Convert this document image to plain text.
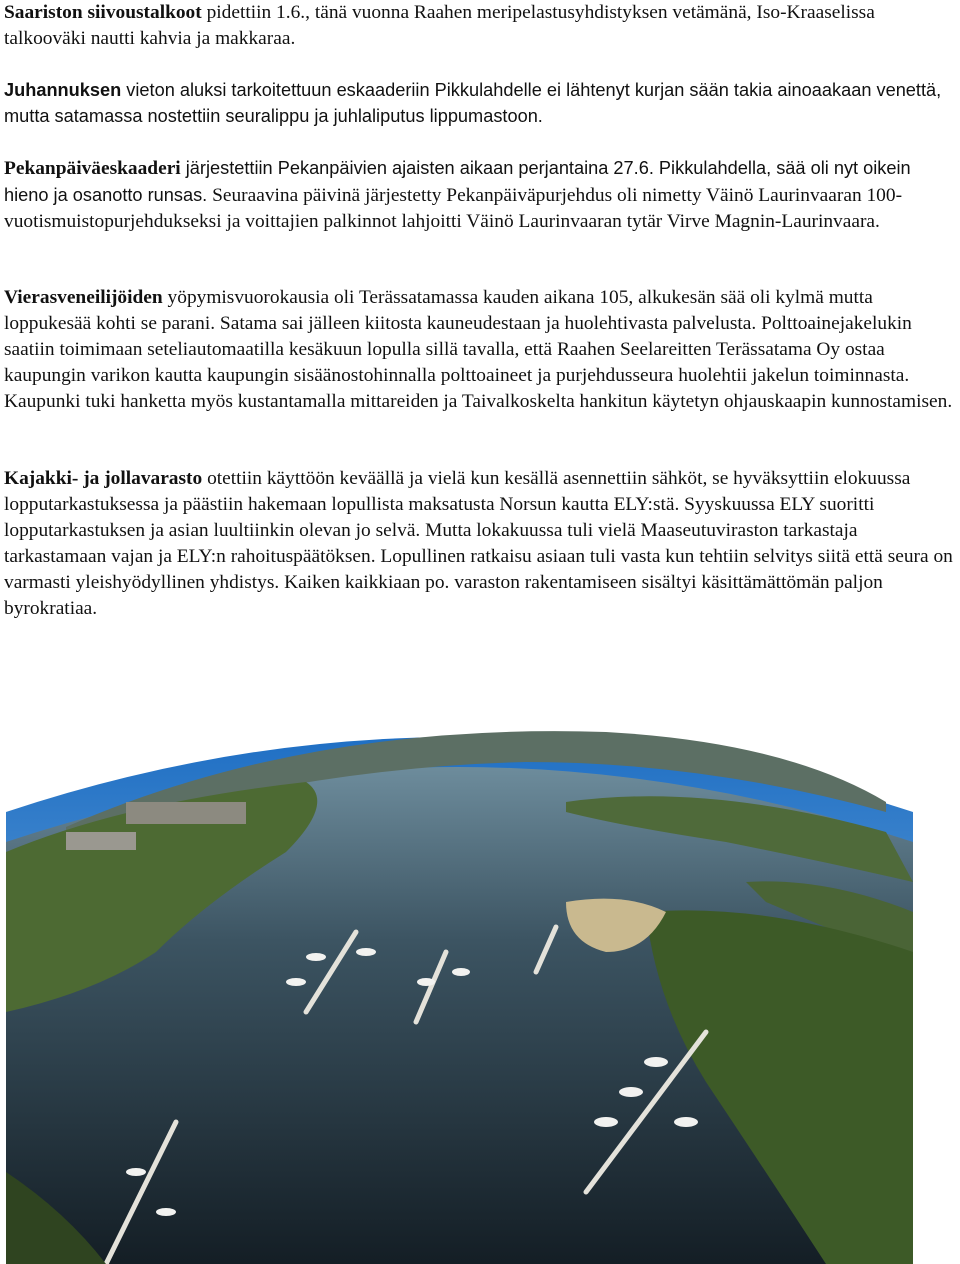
Saariston siivoustalkoot pidettiin 1.6., tänä vuonna Raahen meripelastusyhdistyksen vetämänä, Iso-Kraaselissa talkooväki nautti kahvia ja makkaraa.

Juhannuksen vieton aluksi tarkoitettuun eskaaderiin Pikkulahdelle ei lähtenyt kurjan sään takia ainoaakaan venettä, mutta satamassa nostettiin seuralippu ja juhlaliputus lippumastoon.

Pekanpäiväeskaaderi järjestettiin Pekanpäivien ajaisten aikaan perjantaina 27.6. Pikkulahdella, sää oli nyt oikein hieno ja osanotto runsas. Seuraavina päivinä järjestetty Pekanpäiväpurjehdus oli nimetty Väinö Laurinvaaran 100-vuotismuistopurjehdukseksi ja voittajien palkinnot lahjoitti Väinö Laurinvaaran tytär Virve Magnin-Laurinvaara.

Vierasveneilijöiden yöpymisvuorokausia oli Terässatamassa kauden aikana 105, alkukesän sää oli kylmä mutta loppukesää kohti se parani. Satama sai jälleen kiitosta kauneudestaan ja huolehtivasta palvelusta. Polttoainejakelukin saatiin toimimaan seteliautomaatilla kesäkuun lopulla sillä tavalla, että Raahen Seelareitten Terässatama Oy ostaa kaupungin varikon kautta kaupungin sisäänostohinnalla polttoaineet ja purjehdusseura huolehtii jakelun toiminnasta. Kaupunki tuki hanketta myös kustantamalla mittareiden ja Taivalkoskelta hankitun käytetyn ohjauskaapin kunnostamisen.

Kajakki- ja jollavarasto otettiin käyttöön keväällä ja vielä kun kesällä asennettiin sähköt, se hyväksyttiin elokuussa lopputarkastuksessa ja päästiin hakemaan lopullista maksatusta Norsun kautta ELY:stä. Syyskuussa ELY suoritti lopputarkastuksen ja asian luultiinkin olevan jo selvä. Mutta lokakuussa tuli vielä Maaseutuviraston tarkastaja tarkastamaan vajan ja ELY:n rahoituspäätöksen. Lopullinen ratkaisu asiaan tuli vasta kun tehtiin selvitys siitä että seura on varmasti yleishyödyllinen yhdistys. Kaiken kaikkiaan po. varaston rakentamiseen sisältyi käsittämättömän paljon byrokratiaa.
